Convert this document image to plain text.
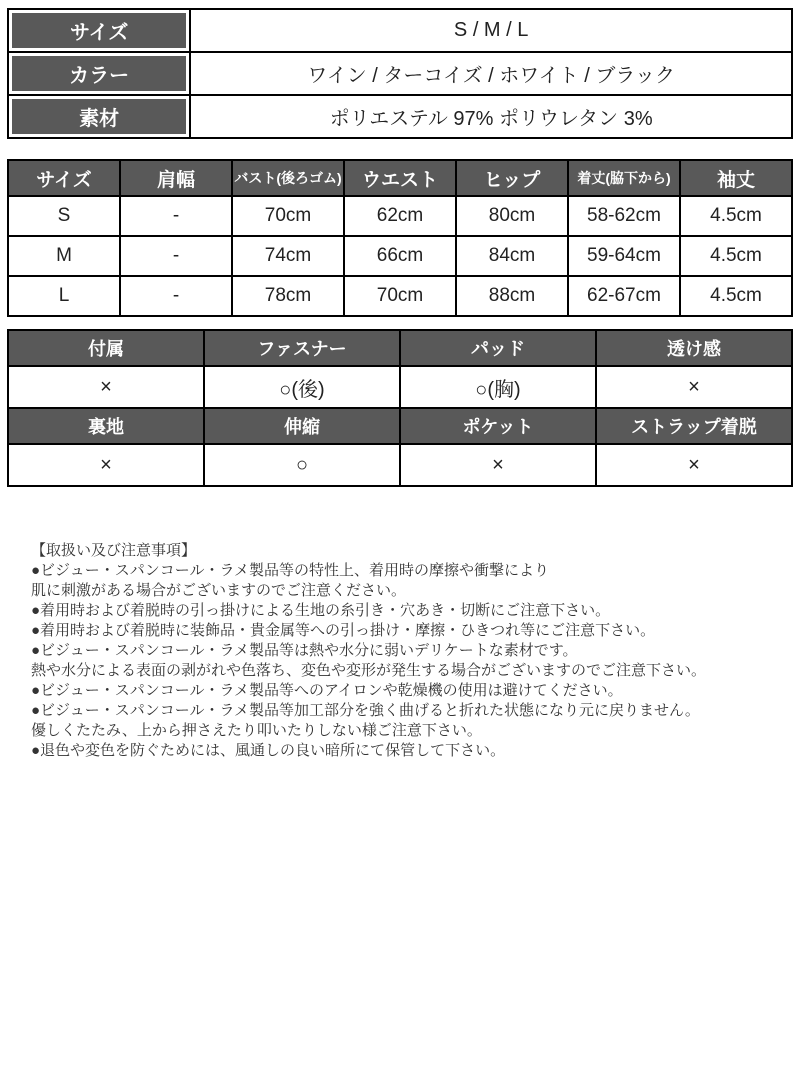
サイズ	S / M / L
カラー	ワイン / ターコイズ / ホワイト / ブラック
素材	ポリエステル 97% ポリウレタン 3%
サイズ	肩幅	バスト(後ろゴム)	ウエスト	ヒップ	着丈(脇下から)	袖丈
S	-	70cm	62cm	80cm	58-62cm	4.5cm
M	-	74cm	66cm	84cm	59-64cm	4.5cm
L	-	78cm	70cm	88cm	62-67cm	4.5cm
付属	ファスナー	パッド	透け感
×	○(後)	○(胸)	×
裏地	伸縮	ポケット	ストラップ着脱
×	○	×	×
【取扱い及び注意事項】
●ビジュー・スパンコール・ラメ製品等の特性上、着用時の摩擦や衝撃により
肌に刺激がある場合がございますのでご注意ください。
●着用時および着脱時の引っ掛けによる生地の糸引き・穴あき・切断にご注意下さい。
●着用時および着脱時に装飾品・貴金属等への引っ掛け・摩擦・ひきつれ等にご注意下さい。
●ビジュー・スパンコール・ラメ製品等は熱や水分に弱いデリケートな素材です。
熱や水分による表面の剥がれや色落ち、変色や変形が発生する場合がございますのでご注意下さい。
●ビジュー・スパンコール・ラメ製品等へのアイロンや乾燥機の使用は避けてください。
●ビジュー・スパンコール・ラメ製品等加工部分を強く曲げると折れた状態になり元に戻りません。
優しくたたみ、上から押さえたり叩いたりしない様ご注意下さい。
●退色や変色を防ぐためには、風通しの良い暗所にて保管して下さい。
